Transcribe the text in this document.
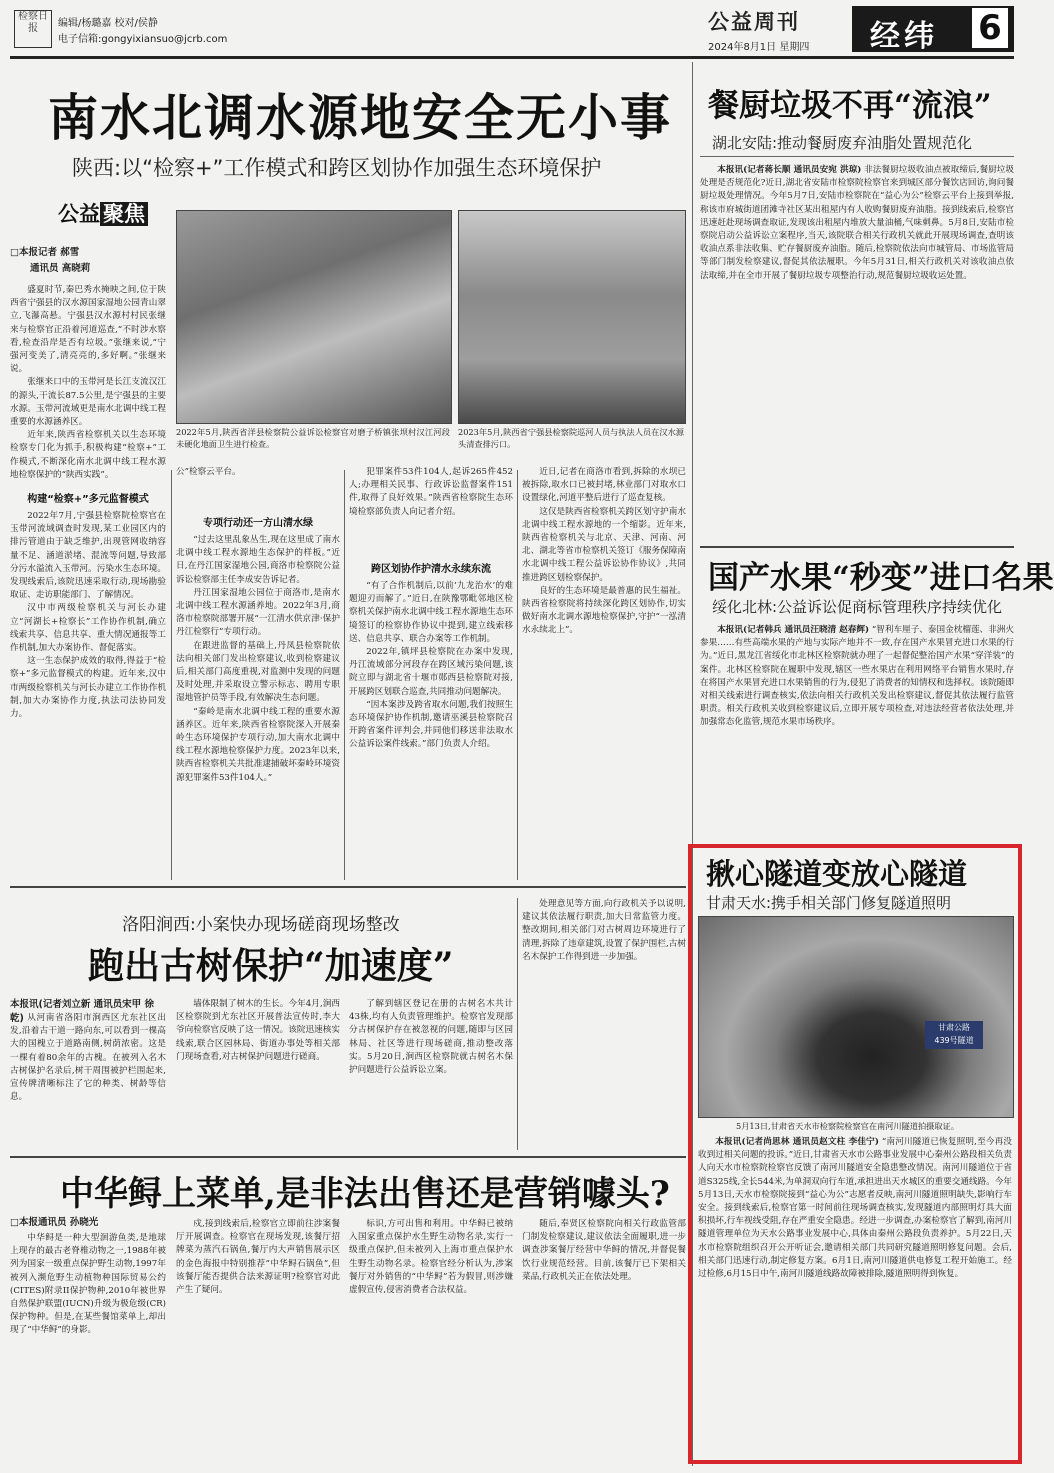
检察日报	编辑/杨璐嘉 校对/侯静
电子信箱:gongyixiansuo@jcrb.com
公益周刊
2024年8月1日 星期四 经纬 6
南水北调水源地安全无小事
陕西:以“检察+”工作模式和跨区划协作加强生态环境保护
公益 聚焦
□本报记者 郝雪
通讯员 高晓莉

盛夏时节,秦巴秀水掩映之间,位于陕西省宁强县的汉水源国家湿地公园青山翠立,飞瀑高悬。宁强县汉水源村村民张继来与检察官正沿着河道巡查,“不时涉水察看,检查沿岸是否有垃圾。”张继来说,“宁强河变美了,清亮亮的,多好啊。”张继来说。

张继来口中的玉带河是长江支流汉江的源头,干流长87.5公里,是宁强县的主要水源。玉带河流域更是南水北调中线工程重要的水源涵养区。

近年来,陕西省检察机关以生态环境检察专门化为抓手,积极构建“检察+”工作模式,不断深化南水北调中线工程水源地检察保护的“陕西实践”。

2022年5月,陕西省洋县检察院公益诉讼检察官对磨子桥镇张坝村汉江河段未硬化地面卫生进行检查。
2023年5月,陕西省宁强县检察院巡河人员与执法人员在汉水源头清查排污口。
构建“检察+”多元监督模式

2022年7月,宁强县检察院检察官在玉带河流域调查时发现,某工业园区内的排污管道由于缺乏维护,出现管网收纳容量不足、涵道淤堵、混流等问题,导致部分污水溢流入玉带河。污染水生态环境。发现线索后,该院迅速采取行动,现场勘验取证、走访职能部门、了解情况。

汉中市两级检察机关与河长办建立“河湖长+检察长”工作协作机制,确立线索共享、信息共享、重大情况通报等工作机制,加大办案协作、督促落实。

这一生态保护成效的取得,得益于“检察+”多元监督模式的构建。近年来,汉中市两级检察机关与河长办建立工作协作机制,加大办案协作力度,执法司法协同发力。

专项行动还一方山清水绿

公”检察云平台。

“过去这里乱象丛生,现在这里成了南水北调中线工程水源地生态保护的样板。”近日,在丹江国家湿地公园,商洛市检察院公益诉讼检察部主任李成安告诉记者。

丹江国家湿地公园位于商洛市,是南水北调中线工程水源涵养地。2022年3月,商洛市检察院部署开展“一江清水供京津·保护丹江检察行”专项行动。

在跟进监督的基础上,丹凤县检察院依法向相关部门发出检察建议,收到检察建议后,相关部门高度重视,对监测中发现的问题及时处理,并采取设立警示标志、聘用专职湿地管护员等手段,有效解决生态问题。

“秦岭是南水北调中线工程的重要水源涵养区。近年来,陕西省检察院深入开展秦岭生态环境保护专项行动,加大南水北调中线工程水源地检察保护力度。2023年以来,陕西省检察机关共批准逮捕破坏秦岭环境资源犯罪案件53件104人。”

犯罪案件53件104人,起诉265件452人;办理相关民事、行政诉讼监督案件151件,取得了良好效果。”陕西省检察院生态环境检察部负责人向记者介绍。

跨区划协作护清水永续东流

“有了合作机制后,以前‘九龙治水’的难题迎刃而解了。”近日,在陕豫鄂毗邻地区检察机关保护南水北调中线工程水源地生态环境签订的检察协作协议中提到,建立线索移送、信息共享、联合办案等工作机制。

2022年,镇坪县检察院在办案中发现,丹江流域部分河段存在跨区域污染问题,该院立即与湖北省十堰市郧西县检察院对接,开展跨区划联合巡查,共同推动问题解决。

“因本案涉及跨省取水问题,我们按照生态环境保护协作机制,邀请巫溪县检察院召开跨省案件评判会,并同他们移送非法取水公益诉讼案件线索。”部门负责人介绍。

近日,记者在商洛市看到,拆除的水坝已被拆除,取水口已被封堵,林业部门对取水口设置绿化,河道平整后进行了巡查复核。

这仅是陕西省检察机关跨区划守护南水北调中线工程水源地的一个缩影。近年来,陕西省检察机关与北京、天津、河南、河北、湖北等省市检察机关签订《服务保障南水北调中线工程公益诉讼协作协议》,共同推进跨区划检察保护。

良好的生态环境是最普惠的民生福祉。陕西省检察院将持续深化跨区划协作,切实做好南水北调水源地检察保护,守护“一泓清水永续北上”。

洛阳涧西:小案快办现场磋商现场整改
跑出古树保护“加速度”
本报讯(记者刘立新 通讯员宋甲 徐乾) 从河南省洛阳市涧西区尤东社区出发,沿着古干道一路向东,可以看到一棵高大的国槐立于道路南侧,树荫浓密。这是一棵有着80余年的古槐。在被列入名木古树保护名录后,树干周围被护栏围起来,宣传牌清晰标注了它的种类、树龄等信息。

墙体限制了树木的生长。今年4月,涧西区检察院到尤东社区开展普法宣传时,李大爷向检察官反映了这一情况。该院迅速核实线索,联合区园林局、街道办事处等相关部门现场查看,对古树保护问题进行磋商。

了解到辖区登记在册的古树名木共计43株,均有人负责管理维护。检察官发现部分古树保护存在被忽视的问题,随即与区园林局、社区等进行现场磋商,推动整改落实。5月20日,涧西区检察院就古树名木保护问题进行公益诉讼立案。

处理意见等方面,向行政机关予以说明,建议其依法履行职责,加大日常监管力度。整改期间,相关部门对古树周边环境进行了清理,拆除了违章建筑,设置了保护围栏,古树名木保护工作得到进一步加强。

中华鲟上菜单,是非法出售还是营销噱头?
□本报通讯员 孙晓光

中华鲟是一种大型洄游鱼类,是地球上现存的最古老脊椎动物之一,1988年被列为国家一级重点保护野生动物,1997年被列入濒危野生动植物种国际贸易公约(CITES)附录II保护物种,2010年被世界自然保护联盟(IUCN)升级为极危级(CR)保护物种。但是,在某些餐馆菜单上,却出现了“中华鲟”的身影。

戍,接到线索后,检察官立即前往涉案餐厅开展调查。检察官在现场发现,该餐厅招牌菜为蒸汽石锅鱼,餐厅内大声销售展示区的金色海报中特别推荐“中华鲟石锅鱼”,但该餐厅能否提供合法来源证明?检察官对此产生了疑问。

标识,方可出售和利用。中华鲟已被纳入国家重点保护水生野生动物名录,实行一级重点保护,但未被列入上海市重点保护水生野生动物名录。检察官经分析认为,涉案餐厅对外销售的“中华鲟”若为假冒,则涉嫌虚假宣传,侵害消费者合法权益。

随后,奉贤区检察院向相关行政监管部门制发检察建议,建议依法全面履职,进一步调查涉案餐厅经营中华鲟的情况,并督促餐饮行业规范经营。目前,该餐厅已下架相关菜品,行政机关正在依法处理。

餐厨垃圾不再“流浪”
湖北安陆:推动餐厨废弃油脂处置规范化

本报讯(记者蒋长顺 通讯员安宛 洪琼) 非法餐厨垃圾收油点被取缔后,餐厨垃圾处理是否规范化?近日,湖北省安陆市检察院检察官来到城区部分餐饮店回访,询问餐厨垃圾处理情况。今年5月7日,安陆市检察院在“益心为公”检察云平台上接到举报,称该市府城街道团滩寺社区某出租屋内有人收购餐厨废弃油脂。接到线索后,检察官迅速赶赴现场调查取证,发现该出租屋内堆放大量油桶,气味刺鼻。5月8日,安陆市检察院启动公益诉讼立案程序,当天,该院联合相关行政机关就此开展现场调查,查明该收油点系非法收集、贮存餐厨废弃油脂。随后,检察院依法向市城管局、市场监管局等部门制发检察建议,督促其依法履职。今年5月31日,相关行政机关对该收油点依法取缔,并在全市开展了餐厨垃圾专项整治行动,规范餐厨垃圾收运处置。

国产水果“秒变”进口名果
绥化北林:公益诉讼促商标管理秩序持续优化

本报讯(记者韩兵 通讯员汪晓清 赵春辉) “智利车厘子、泰国金枕榴莲、非洲火参果……有些高端水果的产地与实际产地并不一致,存在国产水果冒充进口水果的行为。”近日,黑龙江省绥化市北林区检察院就办理了一起督促整治国产水果“穿洋装”的案件。北林区检察院在履职中发现,辖区一些水果店在利用网络平台销售水果时,存在将国产水果冒充进口水果销售的行为,侵犯了消费者的知情权和选择权。该院随即对相关线索进行调查核实,依法向相关行政机关发出检察建议,督促其依法履行监管职责。相关行政机关收到检察建议后,立即开展专项检查,对违法经营者依法处理,并加强常态化监管,规范水果市场秩序。

揪心隧道变放心隧道
甘肃天水:携手相关部门修复隧道照明
甘肃公路
439号隧道
5月13日,甘肃省天水市检察院检察官在南河川隧道拍摄取证。

本报讯(记者尚思林 通讯员赵文柱 李佳宁) “南河川隧道已恢复照明,至今再没收到过相关问题的投诉。”近日,甘肃省天水市公路事业发展中心秦州公路段相关负责人向天水市检察院检察官反馈了南河川隧道安全隐患整改情况。南河川隧道位于省道S325线,全长544米,为单洞双向行车道,承担进出天水城区的重要交通线路。今年5月13日,天水市检察院接到“益心为公”志愿者反映,南河川隧道照明缺失,影响行车安全。接到线索后,检察官第一时间前往现场调查核实,发现隧道内部照明灯具大面积损坏,行车视线受阻,存在严重安全隐患。经进一步调查,办案检察官了解到,南河川隧道管理单位为天水公路事业发展中心,具体由秦州公路段负责养护。5月22日,天水市检察院组织召开公开听证会,邀请相关部门共同研究隧道照明修复问题。会后,相关部门迅速行动,制定修复方案。6月1日,南河川隧道供电修复工程开始施工。经过检修,6月15日中午,南河川隧道线路故障被排除,隧道照明得到恢复。
